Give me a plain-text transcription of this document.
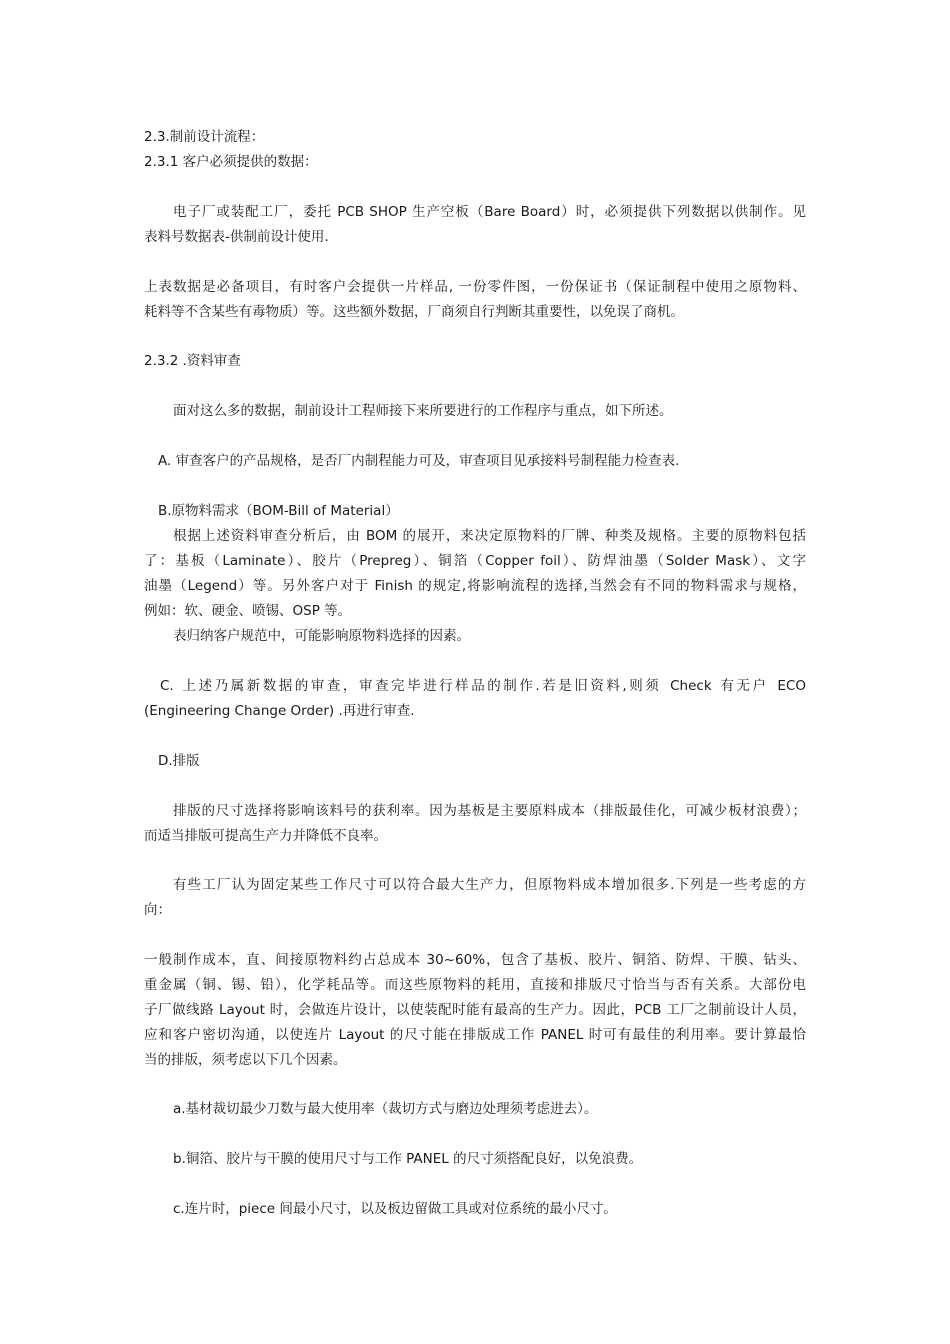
2.3.制前设计流程：
2.3.1 客户必须提供的数据：
电子厂或装配工厂，委托 PCB SHOP 生产空板（Bare Board）时，必须提供下列数据以供制作。见
表料号数据表-供制前设计使用.
上表数据是必备项目，有时客户会提供一片样品, 一份零件图，一份保证书（保证制程中使用之原物料、
耗料等不含某些有毒物质）等。这些额外数据，厂商须自行判断其重要性，以免误了商机。
2.3.2 .资料审查
面对这么多的数据，制前设计工程师接下来所要进行的工作程序与重点，如下所述。
A. 审查客户的产品规格，是否厂内制程能力可及，审查项目见承接料号制程能力检查表.
B.原物料需求（BOM-Bill of Material）
根据上述资料审查分析后，由 BOM 的展开，来决定原物料的厂牌、种类及规格。主要的原物料包括
了：基板（Laminate）、胶片（Prepreg）、铜箔（Copper foil）、防焊油墨（Solder Mask）、文字
油墨（Legend）等。另外客户对于 Finish 的规定,将影响流程的选择,当然会有不同的物料需求与规格，
例如：软、硬金、喷锡、OSP 等。
表归纳客户规范中，可能影响原物料选择的因素。
C. 上述乃属新数据的审查，审查完毕进行样品的制作.若是旧资料,则须 Check 有无户 ECO
(Engineering Change Order) .再进行审查.
D.排版
排版的尺寸选择将影响该料号的获利率。因为基板是主要原料成本（排版最佳化，可减少板材浪费）；
而适当排版可提高生产力并降低不良率。
有些工厂认为固定某些工作尺寸可以符合最大生产力，但原物料成本增加很多.下列是一些考虑的方
向：
一般制作成本，直、间接原物料约占总成本 30~60%，包含了基板、胶片、铜箔、防焊、干膜、钻头、
重金属（铜、锡、铅），化学耗品等。而这些原物料的耗用，直接和排版尺寸恰当与否有关系。大部份电
子厂做线路 Layout 时，会做连片设计，以使装配时能有最高的生产力。因此，PCB 工厂之制前设计人员，
应和客户密切沟通，以使连片 Layout 的尺寸能在排版成工作 PANEL 时可有最佳的利用率。要计算最恰
当的排版，须考虑以下几个因素。
a.基材裁切最少刀数与最大使用率（裁切方式与磨边处理须考虑进去）。
b.铜箔、胶片与干膜的使用尺寸与工作 PANEL 的尺寸须搭配良好，以免浪费。
c.连片时，piece 间最小尺寸，以及板边留做工具或对位系统的最小尺寸。
